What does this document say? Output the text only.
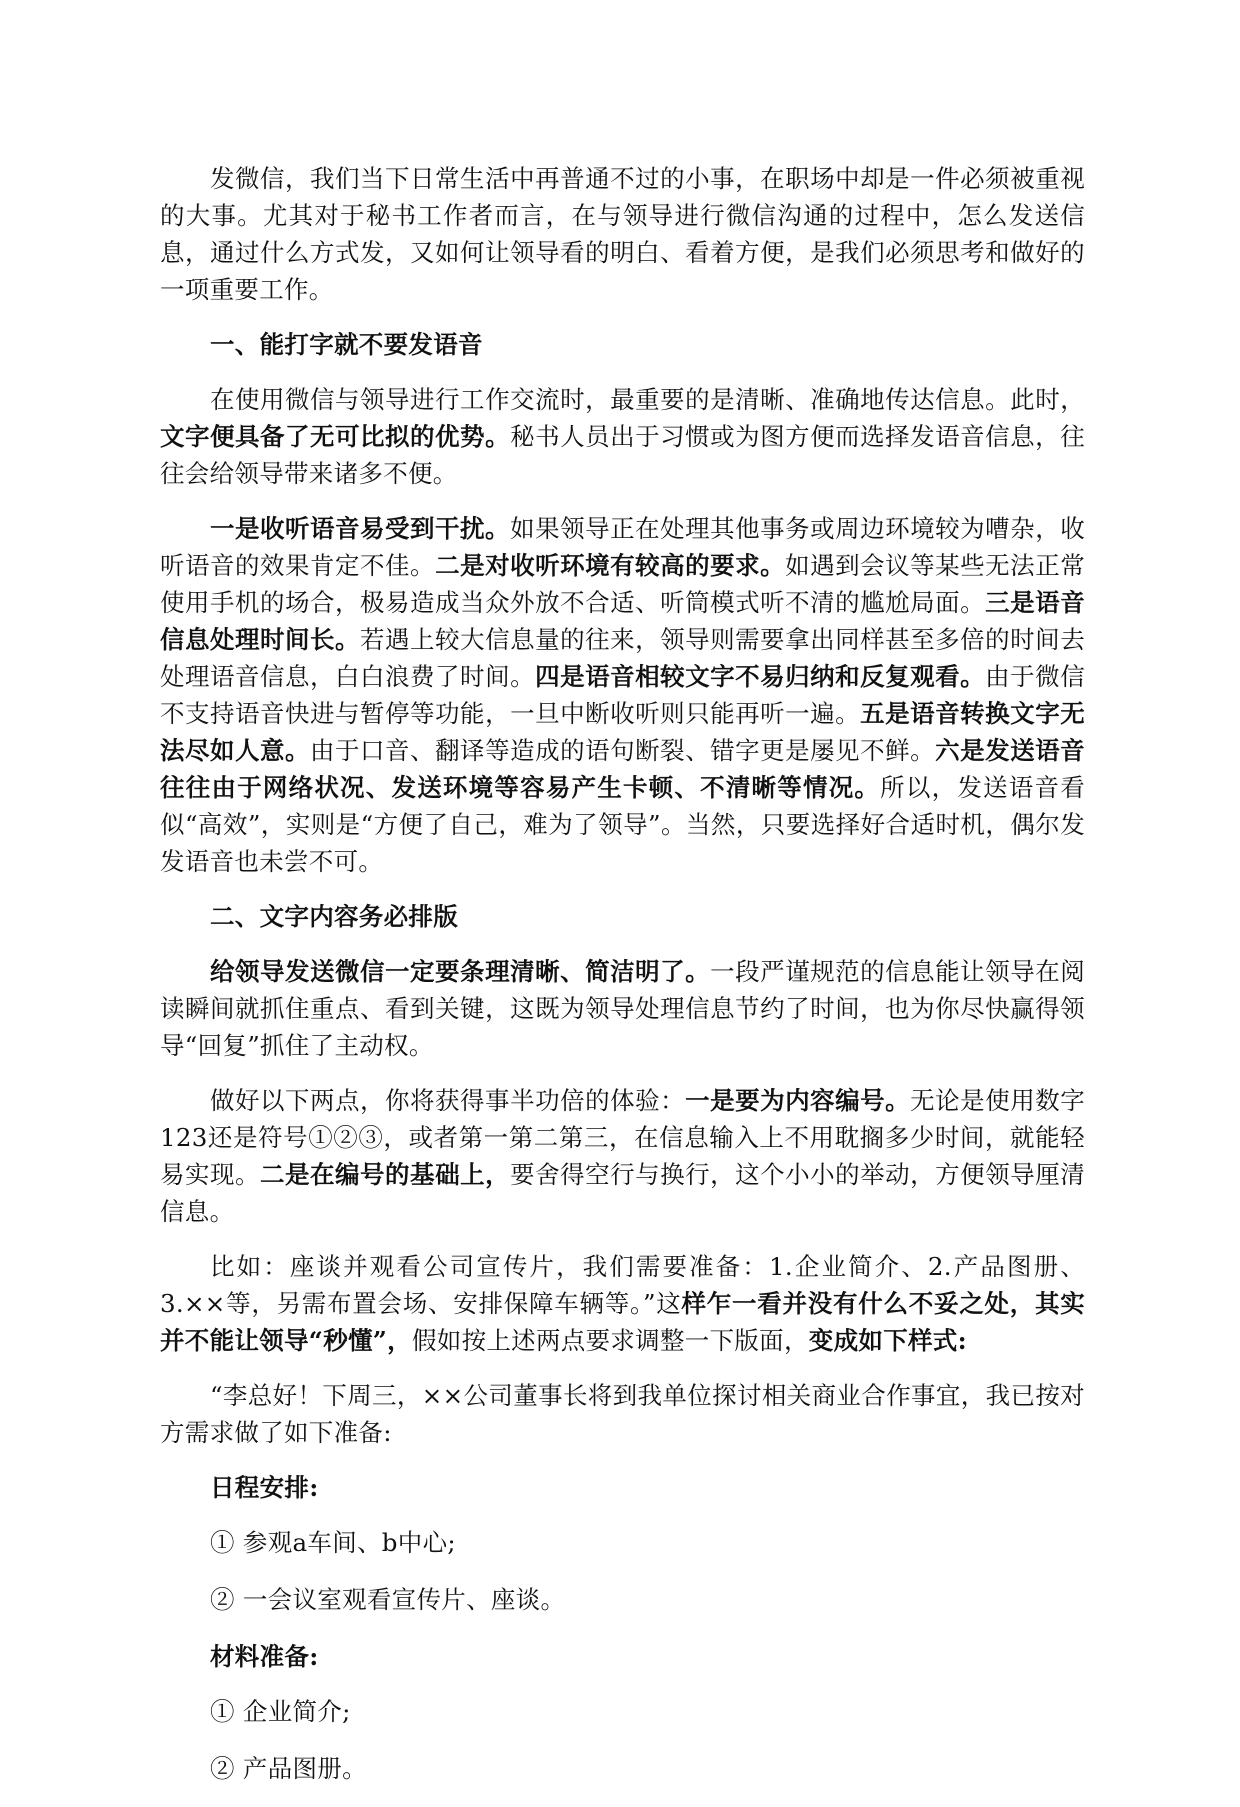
发微信，我们当下日常生活中再普通不过的小事，在职场中却是一件必须被重视的大事。尤其对于秘书工作者而言，在与领导进行微信沟通的过程中，怎么发送信息，通过什么方式发，又如何让领导看的明白、看着方便，是我们必须思考和做好的一项重要工作。

一、能打字就不要发语音

在使用微信与领导进行工作交流时，最重要的是清晰、准确地传达信息。此时，文字便具备了无可比拟的优势。秘书人员出于习惯或为图方便而选择发语音信息，往往会给领导带来诸多不便。

一是收听语音易受到干扰。如果领导正在处理其他事务或周边环境较为嘈杂，收听语音的效果肯定不佳。二是对收听环境有较高的要求。如遇到会议等某些无法正常使用手机的场合，极易造成当众外放不合适、听筒模式听不清的尴尬局面。三是语音信息处理时间长。若遇上较大信息量的往来，领导则需要拿出同样甚至多倍的时间去处理语音信息，白白浪费了时间。四是语音相较文字不易归纳和反复观看。由于微信不支持语音快进与暂停等功能，一旦中断收听则只能再听一遍。五是语音转换文字无法尽如人意。由于口音、翻译等造成的语句断裂、错字更是屡见不鲜。六是发送语音往往由于网络状况、发送环境等容易产生卡顿、不清晰等情况。所以，发送语音看似“高效”，实则是“方便了自己，难为了领导”。当然，只要选择好合适时机，偶尔发发语音也未尝不可。

二、文字内容务必排版

给领导发送微信一定要条理清晰、简洁明了。一段严谨规范的信息能让领导在阅读瞬间就抓住重点、看到关键，这既为领导处理信息节约了时间，也为你尽快赢得领导“回复”抓住了主动权。

做好以下两点，你将获得事半功倍的体验：一是要为内容编号。无论是使用数字123还是符号①②③，或者第一第二第三，在信息输入上不用耽搁多少时间，就能轻易实现。二是在编号的基础上，要舍得空行与换行，这个小小的举动，方便领导厘清信息。

比如：座谈并观看公司宣传片，我们需要准备：1.企业简介、2.产品图册、3.××等，另需布置会场、安排保障车辆等。”这样乍一看并没有什么不妥之处，其实并不能让领导“秒懂”，假如按上述两点要求调整一下版面，变成如下样式:

“李总好！下周三，××公司董事长将到我单位探讨相关商业合作事宜，我已按对方需求做了如下准备:

日程安排:

① 参观a车间、b中心;

② 一会议室观看宣传片、座谈。

材料准备:

① 企业简介;

② 产品图册。
